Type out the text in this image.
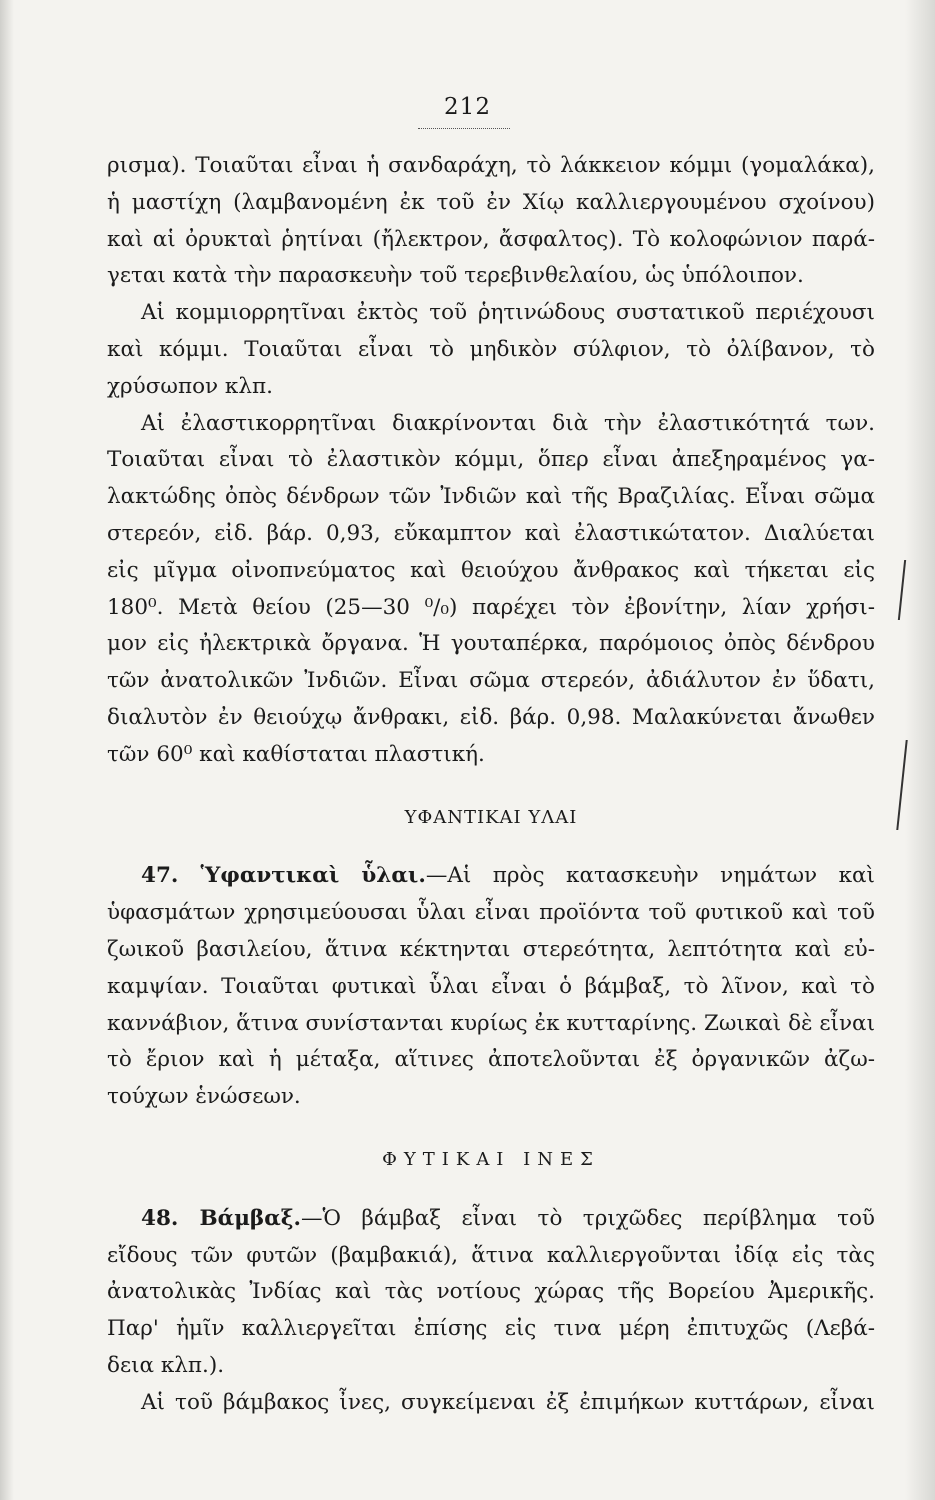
212
ρισμα). Τοιαῦται εἶναι ἡ σανδαράχη, τὸ λάκκειον κόμμι (γομαλάκα),
ἡ μαστίχη (λαμβανομένη ἐκ τοῦ ἐν Χίῳ καλλιεργουμένου σχοίνου)
καὶ αἱ ὀρυκταὶ ῥητίναι (ἤλεκτρον, ἄσφαλτος). Τὸ κολοφώνιον παρά-
γεται κατὰ τὴν παρασκευὴν τοῦ τερεβινθελαίου, ὡς ὑπόλοιπον.
Αἱ κομμιορρητῖναι ἐκτὸς τοῦ ῥητινώδους συστατικοῦ περιέχουσι
καὶ κόμμι. Τοιαῦται εἶναι τὸ μηδικὸν σύλφιον, τὸ ὀλίβανον, τὸ
χρύσωπον κλπ.
Αἱ ἐλαστικορρητῖναι διακρίνονται διὰ τὴν ἐλαστικότητά των.
Τοιαῦται εἶναι τὸ ἐλαστικὸν κόμμι, ὅπερ εἶναι ἀπεξηραμένος γα-
λακτώδης ὀπὸς δένδρων τῶν Ἰνδιῶν καὶ τῆς Βραζιλίας. Εἶναι σῶμα
στερεόν, εἰδ. βάρ. 0,93, εὔκαμπτον καὶ ἐλαστικώτατον. Διαλύεται
εἰς μῖγμα οἰνοπνεύματος καὶ θειούχου ἄνθρακος καὶ τήκεται εἰς
180⁰. Μετὰ θείου (25—30 ⁰/₀) παρέχει τὸν ἐβονίτην, λίαν χρήσι-
μον εἰς ἠλεκτρικὰ ὄργανα. Ἡ γουταπέρκα, παρόμοιος ὀπὸς δένδρου
τῶν ἀνατολικῶν Ἰνδιῶν. Εἶναι σῶμα στερεόν, ἀδιάλυτον ἐν ὕδατι,
διαλυτὸν ἐν θειούχῳ ἄνθρακι, εἰδ. βάρ. 0,98. Μαλακύνεται ἄνωθεν
τῶν 60⁰ καὶ καθίσταται πλαστική.
ΥΦΑΝΤΙΚΑΙ ΥΛΑΙ
47. Ὑφαντικαὶ ὗλαι.—Αἱ πρὸς κατασκευὴν νημάτων καὶ
ὑφασμάτων χρησιμεύουσαι ὗλαι εἶναι προϊόντα τοῦ φυτικοῦ καὶ τοῦ
ζωικοῦ βασιλείου, ἅτινα κέκτηνται στερεότητα, λεπτότητα καὶ εὐ-
καμψίαν. Τοιαῦται φυτικαὶ ὗλαι εἶναι ὁ βάμβαξ, τὸ λῖνον, καὶ τὸ
καννάβιον, ἅτινα συνίστανται κυρίως ἐκ κυτταρίνης. Ζωικαὶ δὲ εἶναι
τὸ ἔριον καὶ ἡ μέταξα, αἵτινες ἀποτελοῦνται ἐξ ὀργανικῶν ἀζω-
τούχων ἑνώσεων.
ΦΥΤΙΚΑΙ ΙΝΕΣ
48. Βάμβαξ.—Ὁ βάμβαξ εἶναι τὸ τριχῶδες περίβλημα τοῦ
εἴδους τῶν φυτῶν (βαμβακιά), ἅτινα καλλιεργοῦνται ἰδίᾳ εἰς τὰς
ἀνατολικὰς Ἰνδίας καὶ τὰς νοτίους χώρας τῆς Βορείου Ἀμερικῆς.
Παρ' ἡμῖν καλλιεργεῖται ἐπίσης εἰς τινα μέρη ἐπιτυχῶς (Λεβά-
δεια κλπ.).
Αἱ τοῦ βάμβακος ἶνες, συγκείμεναι ἐξ ἐπιμήκων κυττάρων, εἶναι
